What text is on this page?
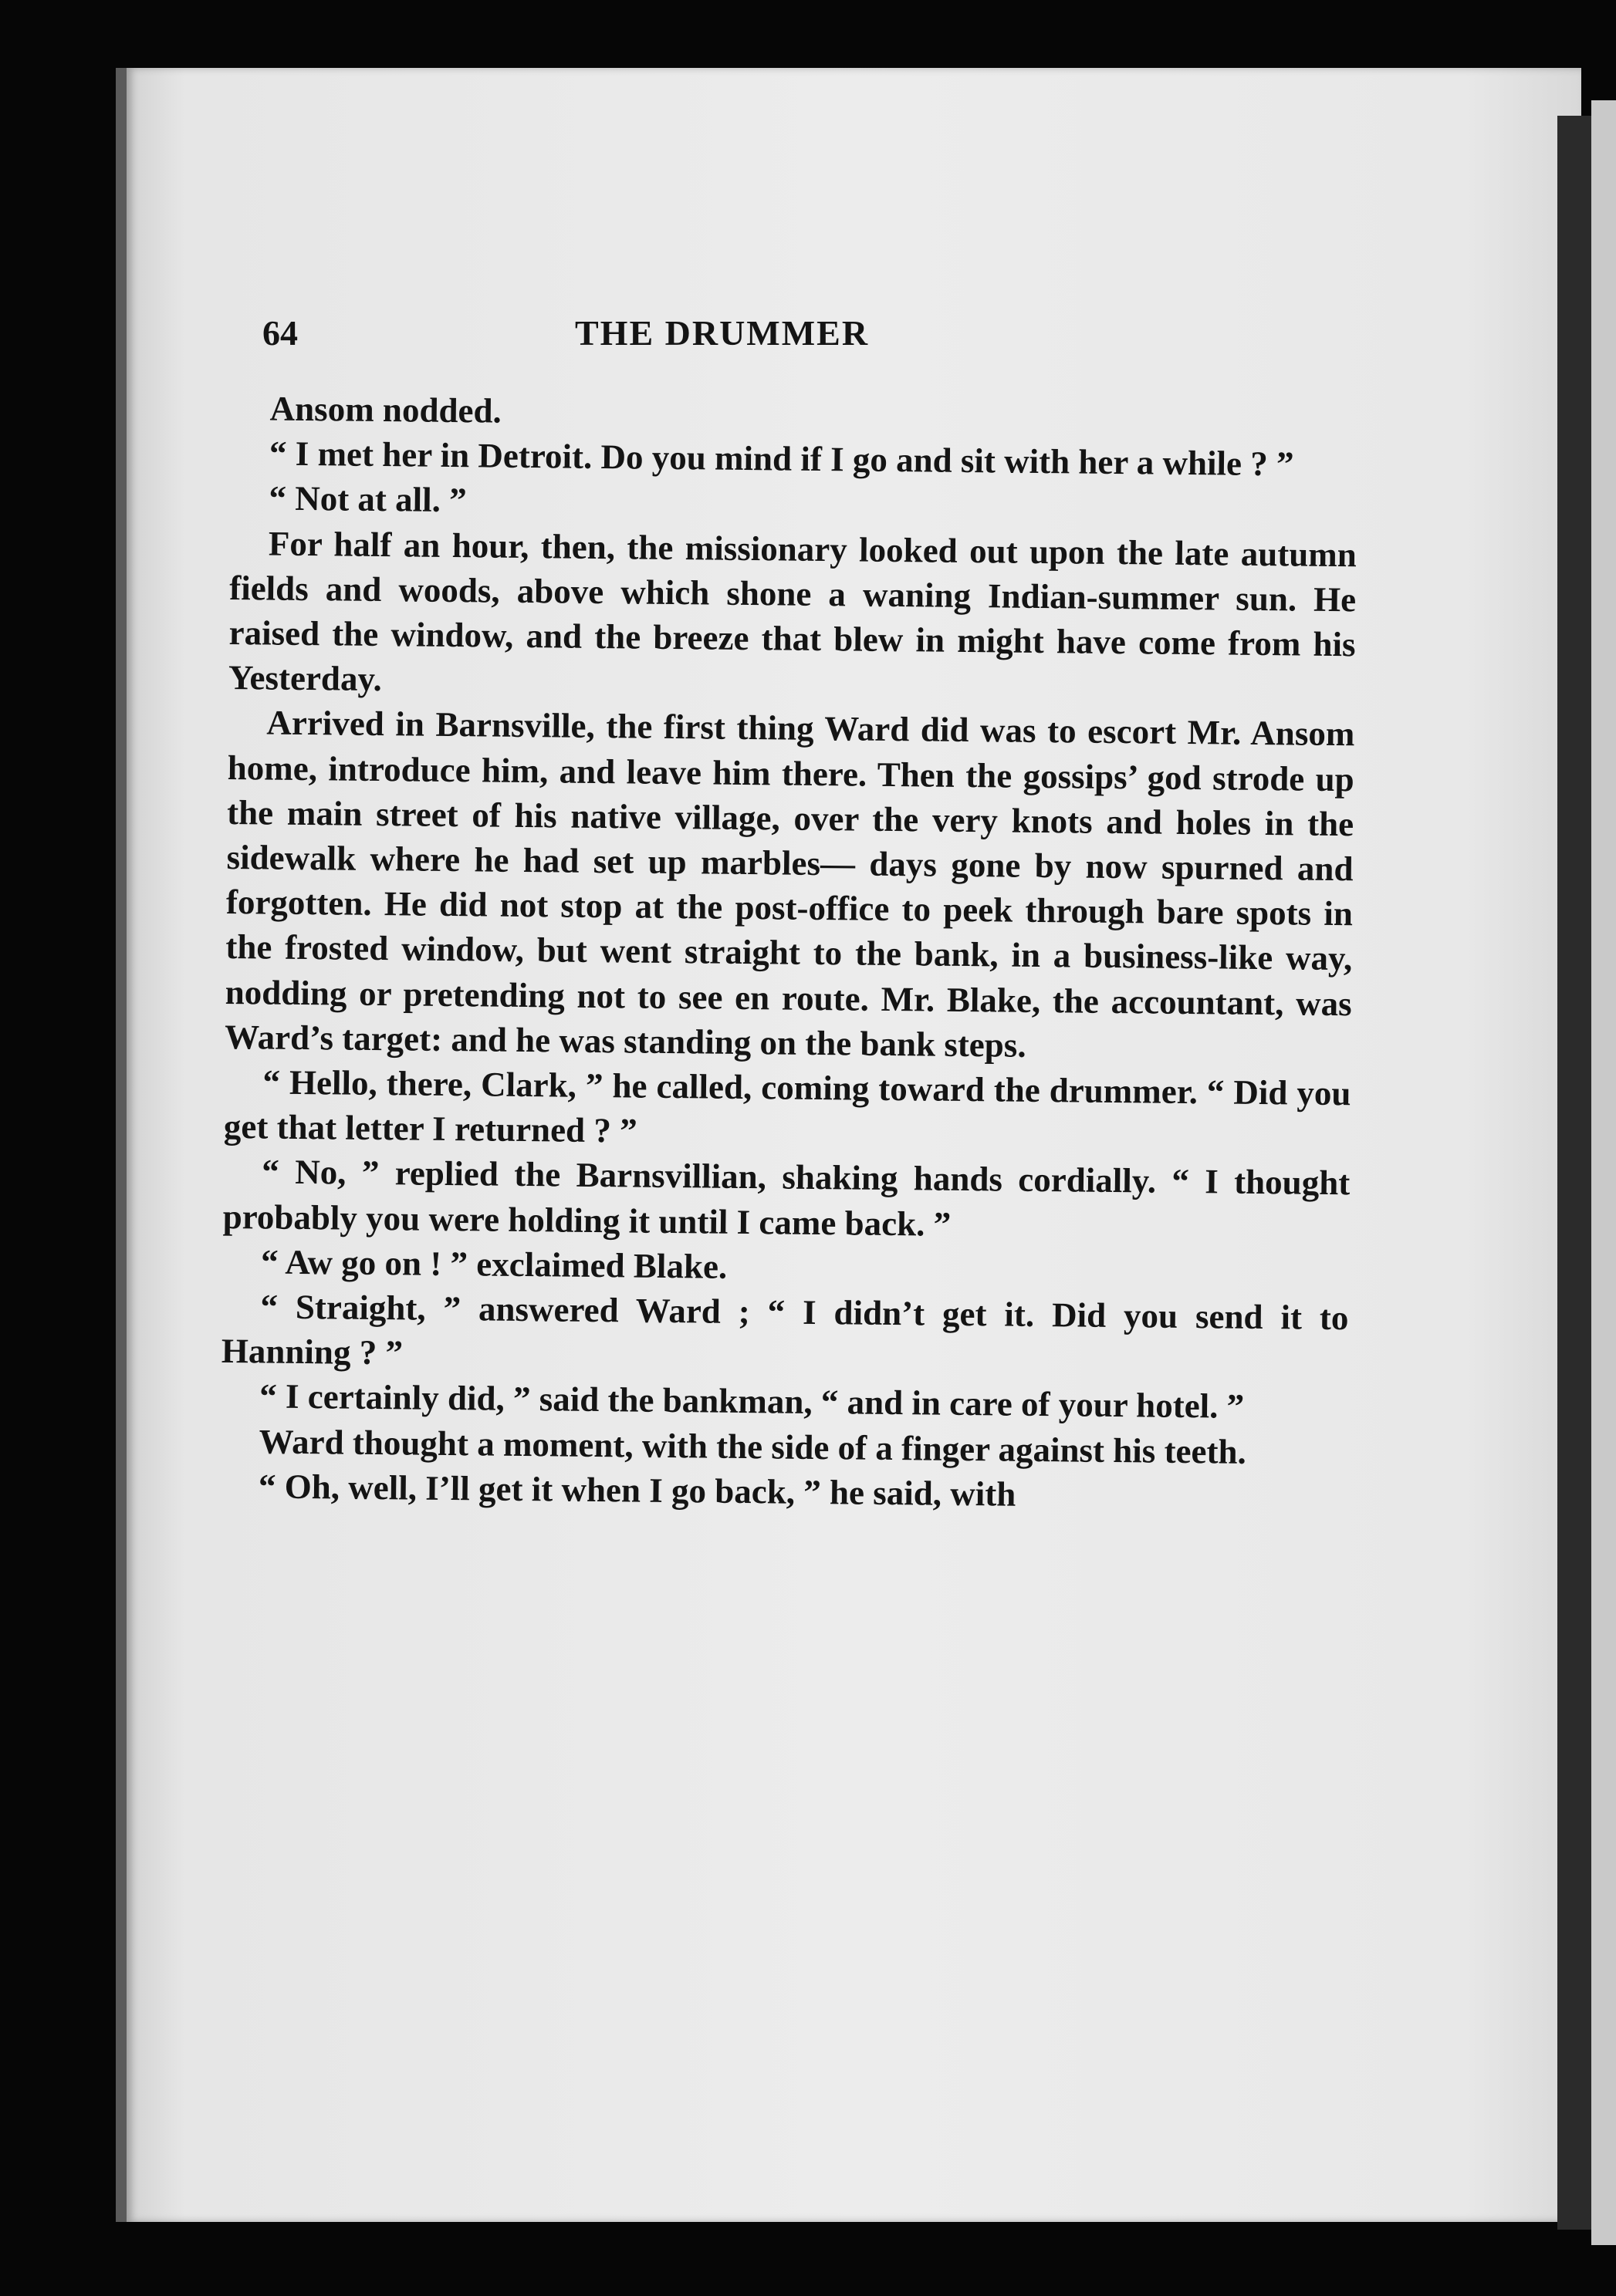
64	THE DRUMMER

Ansom nodded.

“ I met her in Detroit. Do you mind if I go and sit with her a while ? ”

“ Not at all. ”

For half an hour, then, the missionary looked out upon the late autumn fields and woods, above which shone a waning Indian-summer sun. He raised the window, and the breeze that blew in might have come from his Yesterday.

Arrived in Barnsville, the first thing Ward did was to escort Mr. Ansom home, introduce him, and leave him there. Then the gossips’ god strode up the main street of his native village, over the very knots and holes in the sidewalk where he had set up marbles— days gone by now spurned and forgotten. He did not stop at the post-office to peek through bare spots in the frosted window, but went straight to the bank, in a business-like way, nodding or pretending not to see en route. Mr. Blake, the accountant, was Ward’s target: and he was standing on the bank steps.

“ Hello, there, Clark, ” he called, coming toward the drummer. “ Did you get that letter I returned ? ”

“ No, ” replied the Barnsvillian, shaking hands cordially. “ I thought probably you were holding it until I came back. ”

“ Aw go on ! ” exclaimed Blake.

“ Straight, ” answered Ward ; “ I didn’t get it. Did you send it to Hanning ? ”

“ I certainly did, ” said the bankman, “ and in care of your hotel. ”

Ward thought a moment, with the side of a finger against his teeth.

“ Oh, well, I’ll get it when I go back, ” he said, with
